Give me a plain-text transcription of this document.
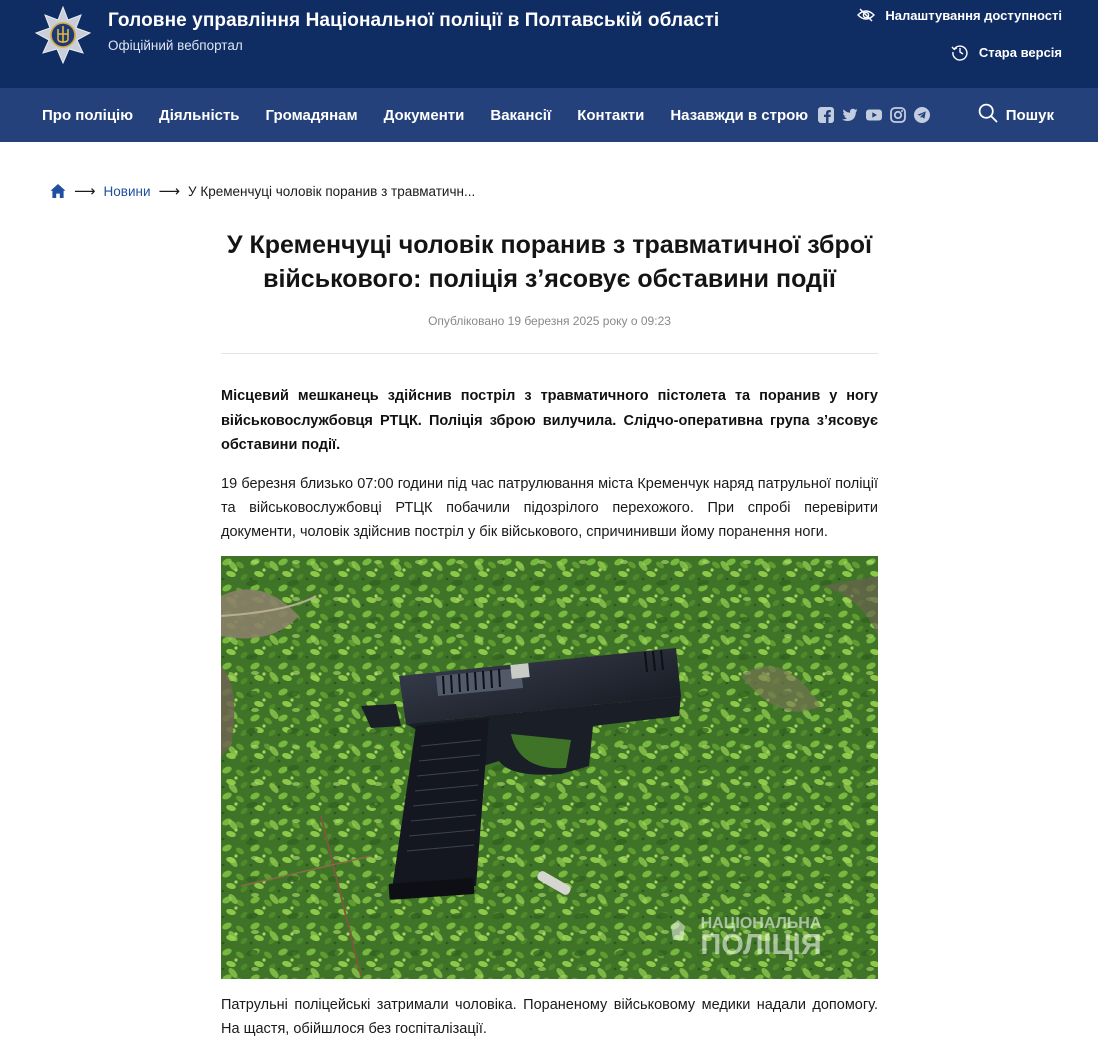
Головне управління Національної поліції в Полтавській області
Офіційний вебпортал
Налаштування доступності
Стара версія
Про поліцію Діяльність Громадянам Документи Вакансії Контакти Назавжди в строю	Пошук
⟶ Новини ⟶ У Кременчуці чоловік поранив з травматичн...
У Кременчуці чоловік поранив з травматичної зброї військового: поліція з’ясовує обставини події
Опубліковано 19 березня 2025 року о 09:23

Місцевий мешканець здійснив постріл з травматичного пістолета та поранив у ногу військовослужбовця РТЦК. Поліція зброю вилучила. Слідчо-оперативна група з’ясовує обставини події.

19 березня близько 07:00 години під час патрулювання міста Кременчук наряд патрульної поліції та військовослужбовці РТЦК побачили підозрілого перехожого. При спробі перевірити документи, чоловік здійснив постріл у бік військового, спричинивши йому поранення ноги.

НАЦІОНАЛЬНА
ПОЛІЦІЯ

Патрульні поліцейські затримали чоловіка. Пораненому військовому медики надали допомогу. На щастя, обійшлося без госпіталізації.
